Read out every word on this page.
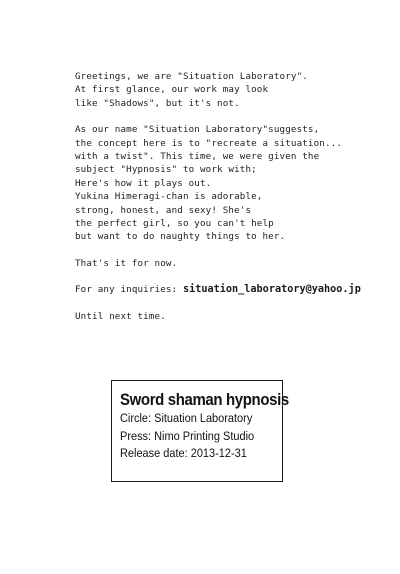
Greetings, we are "Situation Laboratory".
At first glance, our work may look
like "Shadows", but it's not.
As our name "Situation Laboratory"suggests,
the concept here is to "recreate a situation...
with a twist". This time, we were given the
subject "Hypnosis" to work with;
Here's how it plays out.
Yukina Himeragi-chan is adorable,
strong, honest, and sexy! She's
the perfect girl, so you can't help
but want to do naughty things to her.
That's it for now.
For any inquiries: situation_laboratory@yahoo.jp
Until next time.
Sword shaman hypnosis
Circle: Situation Laboratory
Press: Nimo Printing Studio
Release date: 2013-12-31
